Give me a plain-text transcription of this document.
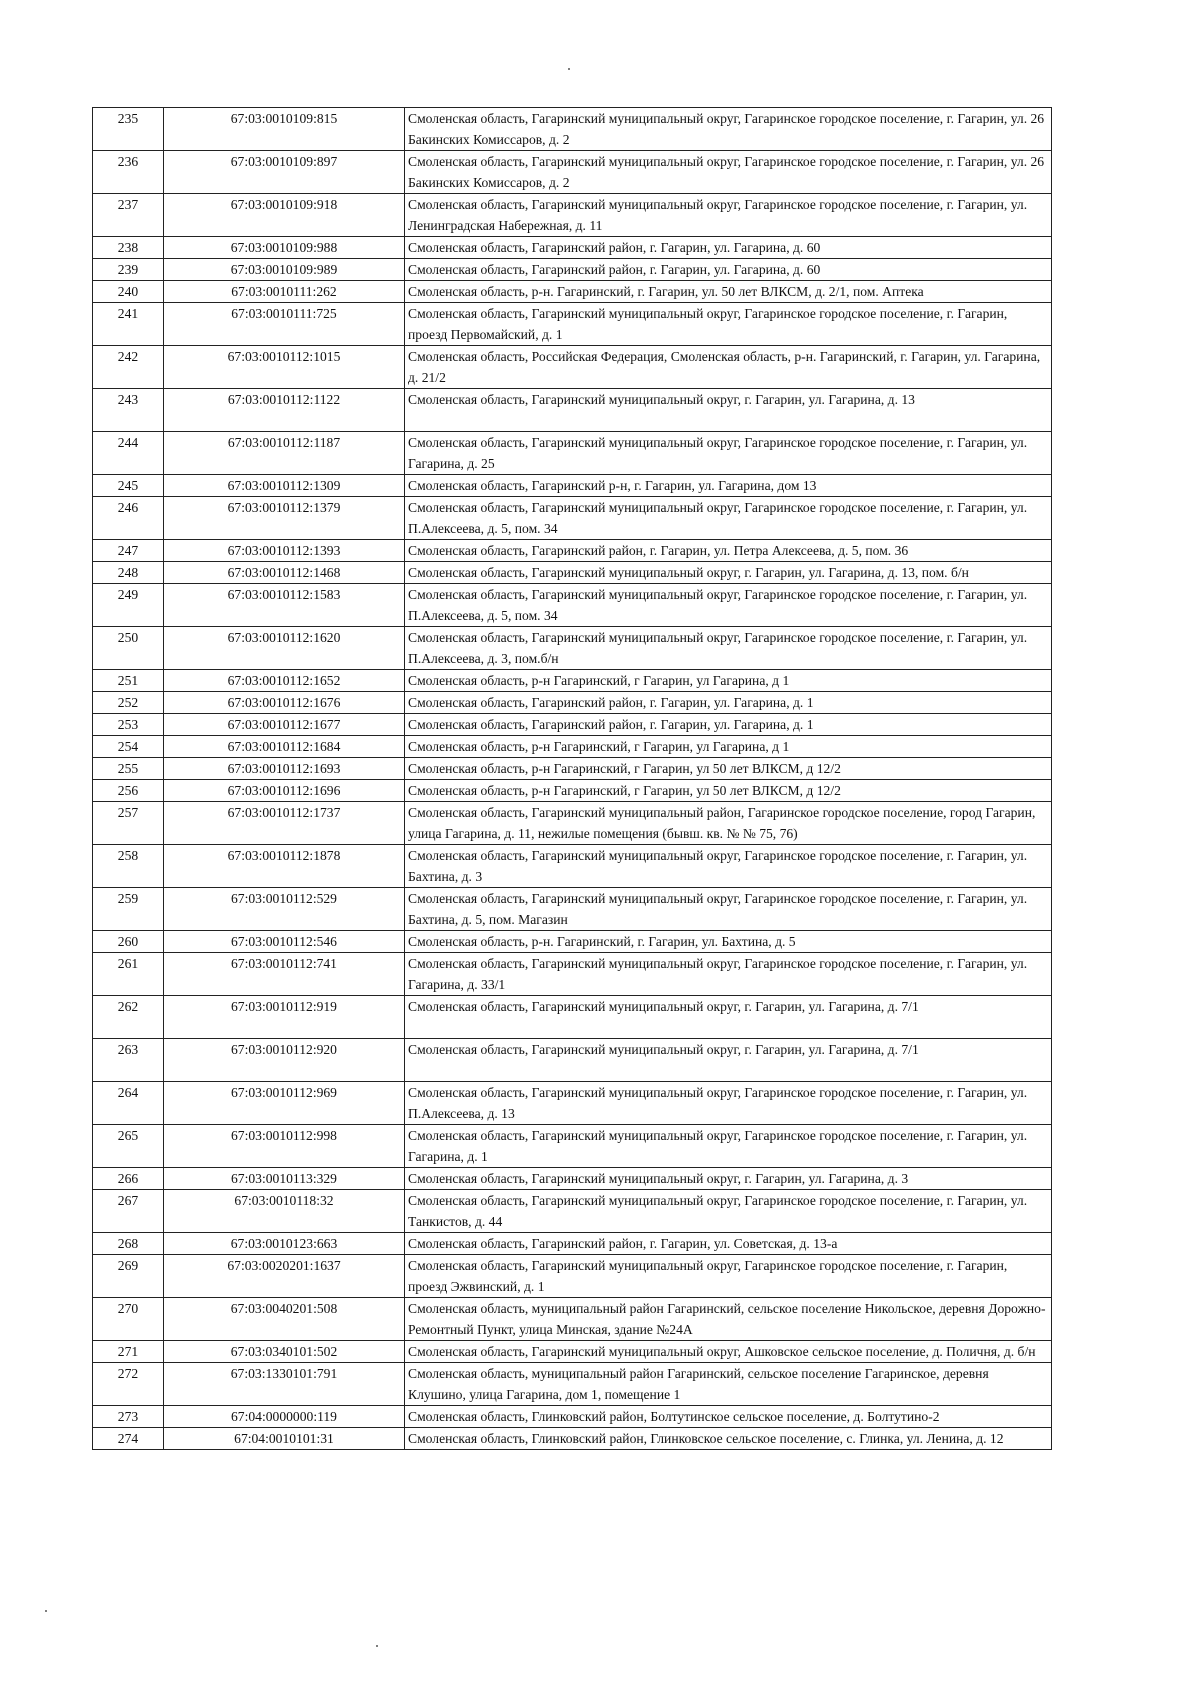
235	67:03:0010109:815	Смоленская область, Гагаринский муниципальный округ, Гагаринское городское поселение, г. Гагарин, ул. 26 Бакинских Комиссаров, д. 2
236	67:03:0010109:897	Смоленская область, Гагаринский муниципальный округ, Гагаринское городское поселение, г. Гагарин, ул. 26 Бакинских Комиссаров, д. 2
237	67:03:0010109:918	Смоленская область, Гагаринский муниципальный округ, Гагаринское городское поселение, г. Гагарин, ул. Ленинградская Набережная, д. 11
238	67:03:0010109:988	Смоленская область, Гагаринский район, г. Гагарин, ул. Гагарина, д. 60
239	67:03:0010109:989	Смоленская область, Гагаринский район, г. Гагарин, ул. Гагарина, д. 60
240	67:03:0010111:262	Смоленская область, р-н. Гагаринский, г. Гагарин, ул. 50 лет ВЛКСМ, д. 2/1, пом. Аптека
241	67:03:0010111:725	Смоленская область, Гагаринский муниципальный округ, Гагаринское городское поселение, г. Гагарин, проезд Первомайский, д. 1
242	67:03:0010112:1015	Смоленская область, Российская Федерация, Смоленская область, р-н. Гагаринский, г. Гагарин, ул. Гагарина, д. 21/2
243	67:03:0010112:1122	Смоленская область, Гагаринский муниципальный округ, г. Гагарин, ул. Гагарина, д. 13
244	67:03:0010112:1187	Смоленская область, Гагаринский муниципальный округ, Гагаринское городское поселение, г. Гагарин, ул. Гагарина, д. 25
245	67:03:0010112:1309	Смоленская область, Гагаринский р-н, г. Гагарин, ул. Гагарина, дом 13
246	67:03:0010112:1379	Смоленская область, Гагаринский муниципальный округ, Гагаринское городское поселение, г. Гагарин, ул. П.Алексеева, д. 5, пом. 34
247	67:03:0010112:1393	Смоленская область, Гагаринский район, г. Гагарин, ул. Петра Алексеева, д. 5, пом. 36
248	67:03:0010112:1468	Смоленская область, Гагаринский муниципальный округ, г. Гагарин, ул. Гагарина, д. 13, пом. б/н
249	67:03:0010112:1583	Смоленская область, Гагаринский муниципальный округ, Гагаринское городское поселение, г. Гагарин, ул. П.Алексеева, д. 5, пом. 34
250	67:03:0010112:1620	Смоленская область, Гагаринский муниципальный округ, Гагаринское городское поселение, г. Гагарин, ул. П.Алексеева, д. 3, пом.б/н
251	67:03:0010112:1652	Смоленская область, р-н Гагаринский, г Гагарин, ул Гагарина, д 1
252	67:03:0010112:1676	Смоленская область, Гагаринский район, г. Гагарин, ул. Гагарина, д. 1
253	67:03:0010112:1677	Смоленская область, Гагаринский район, г. Гагарин, ул. Гагарина, д. 1
254	67:03:0010112:1684	Смоленская область, р-н Гагаринский, г Гагарин, ул Гагарина, д 1
255	67:03:0010112:1693	Смоленская область, р-н Гагаринский, г Гагарин, ул 50 лет ВЛКСМ, д 12/2
256	67:03:0010112:1696	Смоленская область, р-н Гагаринский, г Гагарин, ул 50 лет ВЛКСМ, д 12/2
257	67:03:0010112:1737	Смоленская область, Гагаринский муниципальный район, Гагаринское городское поселение, город Гагарин, улица Гагарина, д. 11, нежилые помещения (бывш. кв. № № 75, 76)
258	67:03:0010112:1878	Смоленская область, Гагаринский муниципальный округ, Гагаринское городское поселение, г. Гагарин, ул. Бахтина, д. 3
259	67:03:0010112:529	Смоленская область, Гагаринский муниципальный округ, Гагаринское городское поселение, г. Гагарин, ул. Бахтина, д. 5, пом. Магазин
260	67:03:0010112:546	Смоленская область, р-н. Гагаринский, г. Гагарин, ул. Бахтина, д. 5
261	67:03:0010112:741	Смоленская область, Гагаринский муниципальный округ, Гагаринское городское поселение, г. Гагарин, ул. Гагарина, д. 33/1
262	67:03:0010112:919	Смоленская область, Гагаринский муниципальный округ, г. Гагарин, ул. Гагарина, д. 7/1
263	67:03:0010112:920	Смоленская область, Гагаринский муниципальный округ, г. Гагарин, ул. Гагарина, д. 7/1
264	67:03:0010112:969	Смоленская область, Гагаринский муниципальный округ, Гагаринское городское поселение, г. Гагарин, ул. П.Алексеева, д. 13
265	67:03:0010112:998	Смоленская область, Гагаринский муниципальный округ, Гагаринское городское поселение, г. Гагарин, ул. Гагарина, д. 1
266	67:03:0010113:329	Смоленская область, Гагаринский муниципальный округ, г. Гагарин, ул. Гагарина, д. 3
267	67:03:0010118:32	Смоленская область, Гагаринский муниципальный округ, Гагаринское городское поселение, г. Гагарин, ул. Танкистов, д. 44
268	67:03:0010123:663	Смоленская область, Гагаринский район, г. Гагарин, ул. Советская, д. 13-а
269	67:03:0020201:1637	Смоленская область, Гагаринский муниципальный округ, Гагаринское городское поселение, г. Гагарин, проезд Эжвинский, д. 1
270	67:03:0040201:508	Смоленская область, муниципальный район Гагаринский, сельское поселение Никольское, деревня Дорожно-Ремонтный Пункт, улица Минская, здание №24А
271	67:03:0340101:502	Смоленская область, Гагаринский муниципальный округ, Ашковское сельское поселение, д. Поличня, д. б/н
272	67:03:1330101:791	Смоленская область, муниципальный район Гагаринский, сельское поселение Гагаринское, деревня Клушино, улица Гагарина, дом 1, помещение 1
273	67:04:0000000:119	Смоленская область, Глинковский район, Болтутинское сельское поселение, д. Болтутино-2
274	67:04:0010101:31	Смоленская область, Глинковский район, Глинковское сельское поселение, с. Глинка, ул. Ленина, д. 12
